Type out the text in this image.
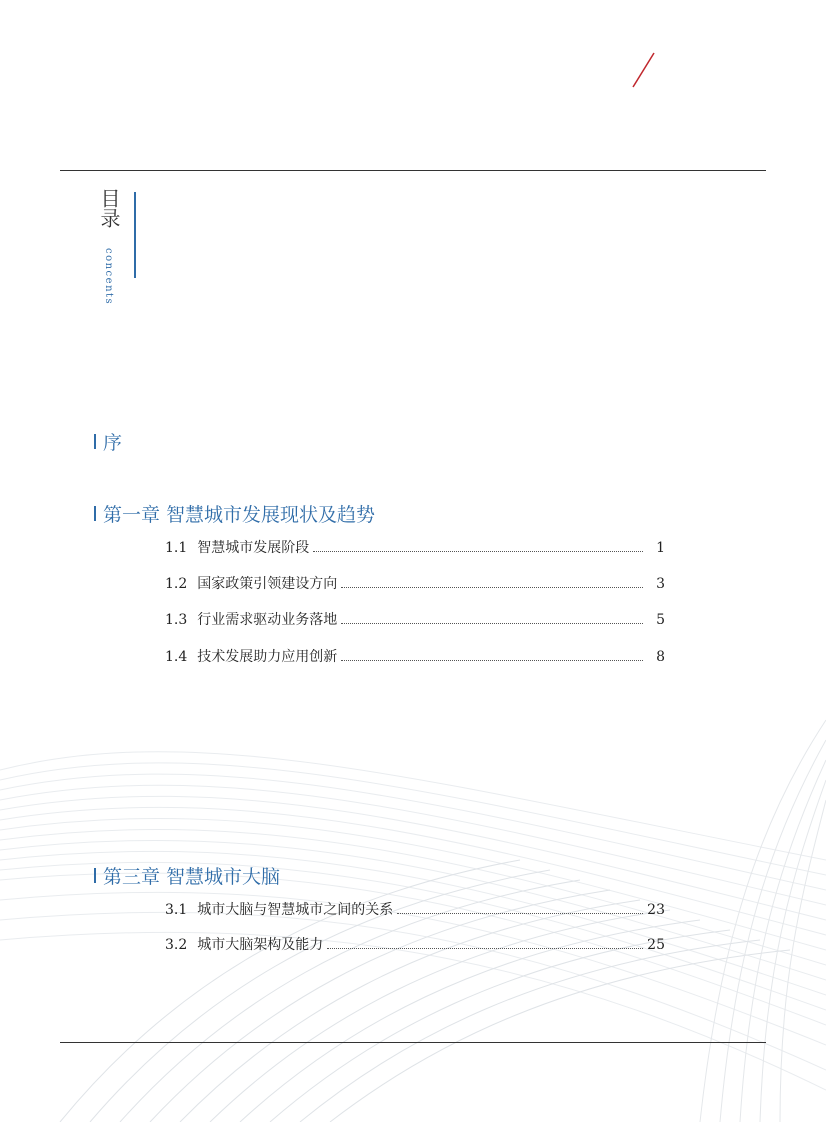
目录
concents
序
第一章 智慧城市发展现状及趋势
1.1 智慧城市发展阶段	1
1.2 国家政策引领建设方向	3
1.3 行业需求驱动业务落地	5
1.4 技术发展助力应用创新	8
第三章 智慧城市大脑
3.1 城市大脑与智慧城市之间的关系	23
3.2 城市大脑架构及能力	25
